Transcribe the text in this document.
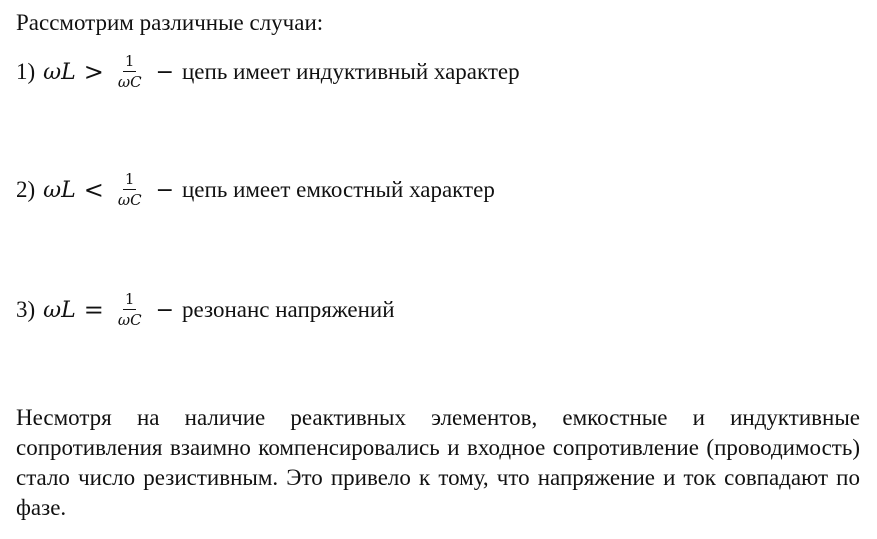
Рассмотрим различные случаи:
1) $\omega L > \frac{1}{\omega C}$ − цепь имеет индуктивный характер
2) $\omega L < \frac{1}{\omega C}$ − цепь имеет емкостный характер
3) $\omega L = \frac{1}{\omega C}$ − резонанс напряжений
Несмотря на наличие реактивных элементов, емкостные и индуктивные сопротивления взаимно компенсировались и входное сопротивление (проводимость) стало число резистивным. Это привело к тому, что напряжение и ток совпадают по фазе.
